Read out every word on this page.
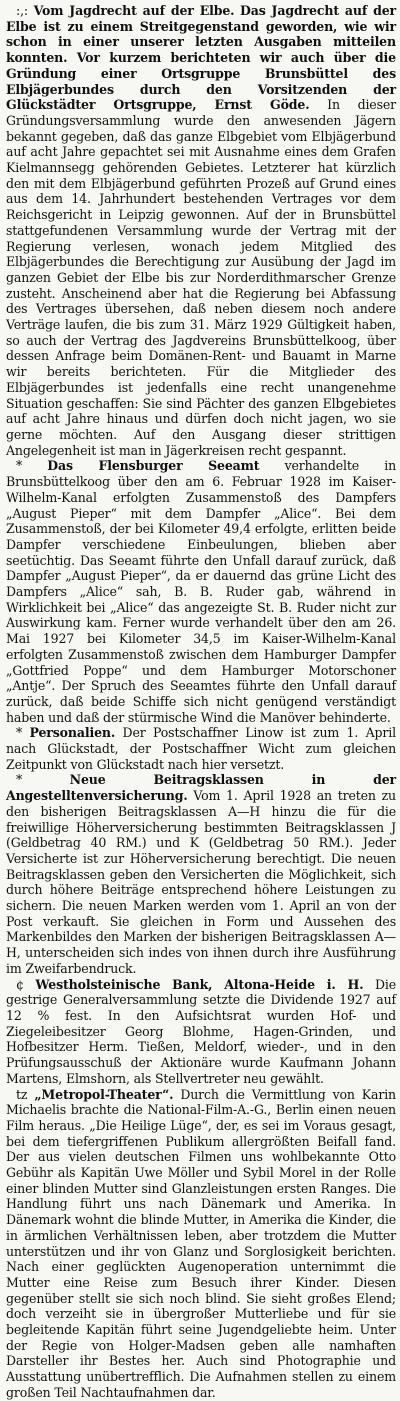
:,: Vom Jagdrecht auf der Elbe. Das Jagdrecht auf der Elbe ist zu einem Streitgegenstand geworden, wie wir schon in einer unserer letzten Ausgaben mitteilen konnten. Vor kurzem berichteten wir auch über die Gründung einer Ortsgruppe Brunsbüttel des Elbjägerbundes durch den Vorsitzenden der Glückstädter Ortsgruppe, Ernst Göde. In dieser Gründungsversammlung wurde den anwesenden Jägern bekannt gegeben, daß das ganze Elbgebiet vom Elbjägerbund auf acht Jahre gepachtet sei mit Ausnahme eines dem Grafen Kielmannsegg gehörenden Gebietes. Letzterer hat kürzlich den mit dem Elbjägerbund geführten Prozeß auf Grund eines aus dem 14. Jahrhundert bestehenden Vertrages vor dem Reichsgericht in Leipzig gewonnen. Auf der in Brunsbüttel stattgefundenen Versammlung wurde der Vertrag mit der Regierung verlesen, wonach jedem Mitglied des Elbjägerbundes die Berechtigung zur Ausübung der Jagd im ganzen Gebiet der Elbe bis zur Norderdithmarscher Grenze zusteht. Anscheinend aber hat die Regierung bei Abfassung des Vertrages übersehen, daß neben diesem noch andere Verträge laufen, die bis zum 31. März 1929 Gültigkeit haben, so auch der Vertrag des Jagdvereins Brunsbüttelkoog, über dessen Anfrage beim Domänen-Rent- und Bauamt in Marne wir bereits berichteten. Für die Mitglieder des Elbjägerbundes ist jedenfalls eine recht unangenehme Situation geschaffen: Sie sind Pächter des ganzen Elbgebietes auf acht Jahre hinaus und dürfen doch nicht jagen, wo sie gerne möchten. Auf den Ausgang dieser strittigen Angelegenheit ist man in Jägerkreisen recht gespannt.

* Das Flensburger Seeamt verhandelte in Brunsbüttelkoog über den am 6. Februar 1928 im Kaiser-Wilhelm-Kanal erfolgten Zusammenstoß des Dampfers „August Pieper“ mit dem Dampfer „Alice“. Bei dem Zusammenstoß, der bei Kilometer 49,4 erfolgte, erlitten beide Dampfer verschiedene Einbeulungen, blieben aber seetüchtig. Das Seeamt führte den Unfall darauf zurück, daß Dampfer „August Pieper“, da er dauernd das grüne Licht des Dampfers „Alice“ sah, B. B. Ruder gab, während in Wirklichkeit bei „Alice“ das angezeigte St. B. Ruder nicht zur Auswirkung kam. Ferner wurde verhandelt über den am 26. Mai 1927 bei Kilometer 34,5 im Kaiser-Wilhelm-Kanal erfolgten Zusammenstoß zwischen dem Hamburger Dampfer „Gottfried Poppe“ und dem Hamburger Motorschoner „Antje“. Der Spruch des Seeamtes führte den Unfall darauf zurück, daß beide Schiffe sich nicht genügend verständigt haben und daß der stürmische Wind die Manöver behinderte.

* Personalien. Der Postschaffner Linow ist zum 1. April nach Glückstadt, der Postschaffner Wicht zum gleichen Zeitpunkt von Glückstadt nach hier versetzt.

*	Neue Beitragsklassen in der Angestelltenversicherung. Vom 1. April 1928 an treten zu den bisherigen Beitragsklassen A—H hinzu die für die freiwillige Höherversicherung bestimmten Beitragsklassen J (Geldbetrag 40 RM.) und K (Geldbetrag 50 RM.). Jeder Versicherte ist zur Höherversicherung berechtigt. Die neuen Beitragsklassen geben den Versicherten die Möglichkeit, sich durch höhere Beiträge entsprechend höhere Leistungen zu sichern. Die neuen Marken werden vom 1. April an von der Post verkauft. Sie gleichen in Form und Aussehen des Markenbildes den Marken der bisherigen Beitragsklassen A—H, unterscheiden sich indes von ihnen durch ihre Ausführung im Zweifarbendruck.

¢ Westholsteinische Bank, Altona-Heide i. H. Die gestrige Generalversammlung setzte die Dividende 1927 auf 12 % fest. In den Aufsichtsrat wurden Hof- und Ziegeleibesitzer Georg Blohme, Hagen-Grinden, und Hofbesitzer Herm. Tießen, Meldorf, wieder-, und in den Prüfungsausschuß der Aktionäre wurde Kaufmann Johann Martens, Elmshorn, als Stellvertreter neu gewählt.

tz „Metropol-Theater“. Durch die Vermittlung von Karin Michaelis brachte die National-Film-A.-G., Berlin einen neuen Film heraus. „Die Heilige Lüge“, der, es sei im Voraus gesagt, bei dem tiefergriffenen Publikum allergrößten Beifall fand. Der aus vielen deutschen Filmen uns wohlbekannte Otto Gebühr als Kapitän Uwe Möller und Sybil Morel in der Rolle einer blinden Mutter sind Glanzleistungen ersten Ranges. Die Handlung führt uns nach Dänemark und Amerika. In Dänemark wohnt die blinde Mutter, in Amerika die Kinder, die in ärmlichen Verhältnissen leben, aber trotzdem die Mutter unterstützen und ihr von Glanz und Sorglosigkeit berichten. Nach einer geglückten Augenoperation unternimmt die Mutter eine Reise zum Besuch ihrer Kinder. Diesen gegenüber stellt sie sich noch blind. Sie sieht großes Elend; doch verzeiht sie in übergroßer Mutterliebe und für sie begleitende Kapitän führt seine Jugendgeliebte heim. Unter der Regie von Holger-Madsen geben alle namhaften Darsteller ihr Bestes her. Auch sind Photographie und Ausstattung unübertrefflich. Die Aufnahmen stellen zu einem großen Teil Nachtaufnahmen dar.
